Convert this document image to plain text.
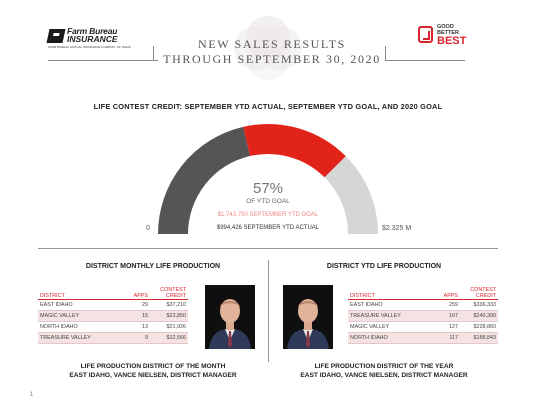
Farm Bureau
INSURANCE
FARM BUREAU MUTUAL INSURANCE COMPANY OF IDAHO	NEW SALES RESULTS
THROUGH SEPTEMBER 30, 2020
GOOD
BETTER
BEST
LIFE CONTEST CREDIT: SEPTEMBER YTD ACTUAL, SEPTEMBER YTD GOAL, AND 2020 GOAL
57%
OF YTD GOAL
$1,743,750 SEPTEMBER YTD GOAL
$994,426 SEPTEMBER YTD ACTUAL
0	$2.325 M
DISTRICT MONTHLY LIFE PRODUCTION
DISTRICT	APPS	CONTEST
CREDIT
EAST IDAHO	29	$37,210
MAGIC VALLEY	15	$23,850
NORTH IDAHO	13	$21,926
TREASURE VALLEY	9	$12,566
LIFE PRODUCTION DISTRICT OF THE MONTH
EAST IDAHO, VANCE NIELSEN, DISTRICT MANAGER
DISTRICT YTD LIFE PRODUCTION
DISTRICT	APPS	CONTEST
CREDIT
EAST IDAHO	259	$336,333
TREASURE VALLEY	167	$240,390
MAGIC VALLEY	127	$228,860
NORTH IDAHO	117	$188,843
LIFE PRODUCTION DISTRICT OF THE YEAR
EAST IDAHO, VANCE NIELSEN, DISTRICT MANAGER
1
